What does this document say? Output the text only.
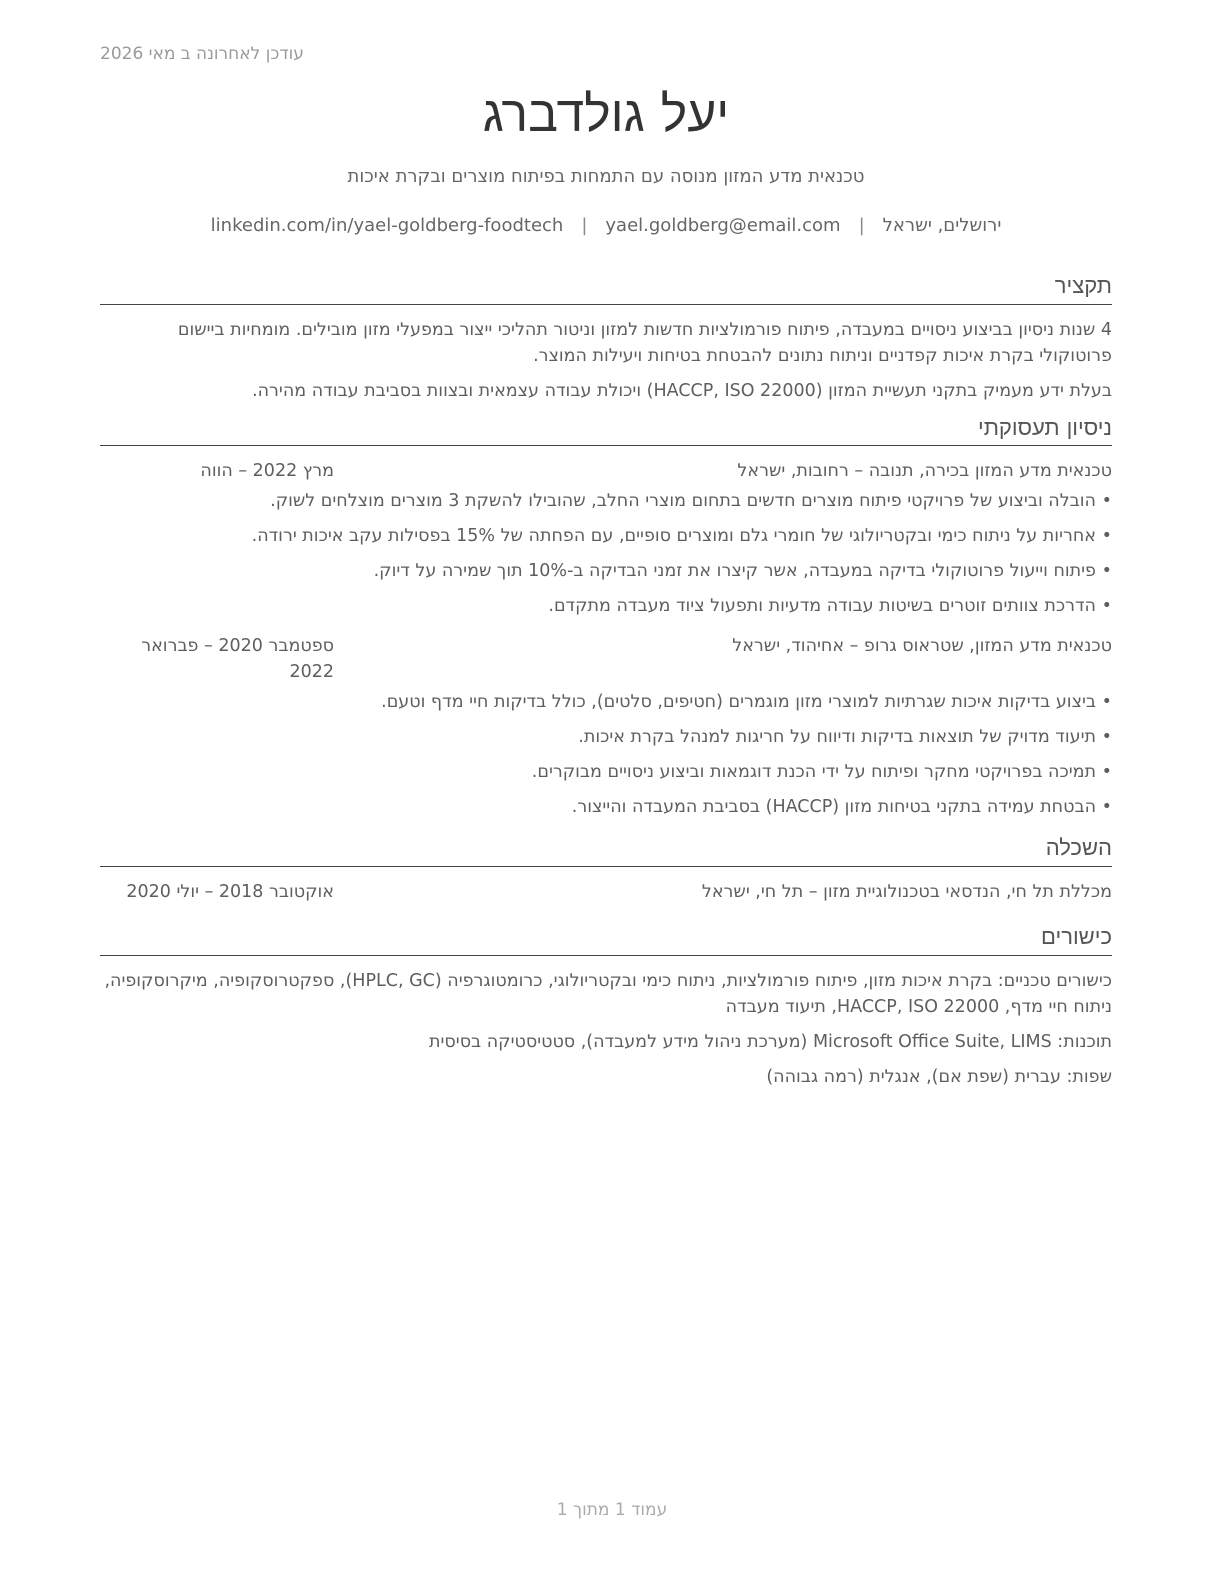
עודכן לאחרונה ב מאי 2026
יעל גולדברג
טכנאית מדע המזון מנוסה עם התמחות בפיתוח מוצרים ובקרת איכות
ירושלים, ישראל
|
yael.goldberg@email.com
|
linkedin.com/in/yael-goldberg-foodtech
תקציר

4 שנות ניסיון בביצוע ניסויים במעבדה, פיתוח פורמולציות חדשות למזון וניטור תהליכי ייצור במפעלי מזון מובילים. מומחיות ביישום פרוטוקולי בקרת איכות קפדניים וניתוח נתונים להבטחת בטיחות ויעילות המוצר.

בעלת ידע מעמיק בתקני תעשיית המזון (HACCP, ISO 22000) ויכולת עבודה עצמאית ובצוות בסביבת עבודה מהירה.

ניסיון תעסוקתי
טכנאית מדע המזון בכירה, תנובה – רחובות, ישראל
מרץ 2022 – הווה
• הובלה וביצוע של פרויקטי פיתוח מוצרים חדשים בתחום מוצרי החלב, שהובילו להשקת 3 מוצרים מוצלחים לשוק.
• אחריות על ניתוח כימי ובקטריולוגי של חומרי גלם ומוצרים סופיים, עם הפחתה של 15% בפסילות עקב איכות ירודה.
• פיתוח וייעול פרוטוקולי בדיקה במעבדה, אשר קיצרו את זמני הבדיקה ב-10% תוך שמירה על דיוק.
• הדרכת צוותים זוטרים בשיטות עבודה מדעיות ותפעול ציוד מעבדה מתקדם.
טכנאית מדע המזון, שטראוס גרופ – אחיהוד, ישראל
ספטמבר 2020 – פברואר 2022
• ביצוע בדיקות איכות שגרתיות למוצרי מזון מוגמרים (חטיפים, סלטים), כולל בדיקות חיי מדף וטעם.
• תיעוד מדויק של תוצאות בדיקות ודיווח על חריגות למנהל בקרת איכות.
• תמיכה בפרויקטי מחקר ופיתוח על ידי הכנת דוגמאות וביצוע ניסויים מבוקרים.
• הבטחת עמידה בתקני בטיחות מזון (HACCP) בסביבת המעבדה והייצור.
השכלה
מכללת תל חי, הנדסאי בטכנולוגיית מזון – תל חי, ישראל
אוקטובר 2018 – יולי 2020
כישורים

כישורים טכניים: בקרת איכות מזון, פיתוח פורמולציות, ניתוח כימי ובקטריולוגי, כרומטוגרפיה (HPLC, GC), ספקטרוסקופיה, מיקרוסקופיה, ניתוח חיי מדף, HACCP, ISO 22000, תיעוד מעבדה

תוכנות: Microsoft Office Suite, LIMS (מערכת ניהול מידע למעבדה), סטטיסטיקה בסיסית

שפות: עברית (שפת אם), אנגלית (רמה גבוהה)

עמוד 1 מתוך 1
